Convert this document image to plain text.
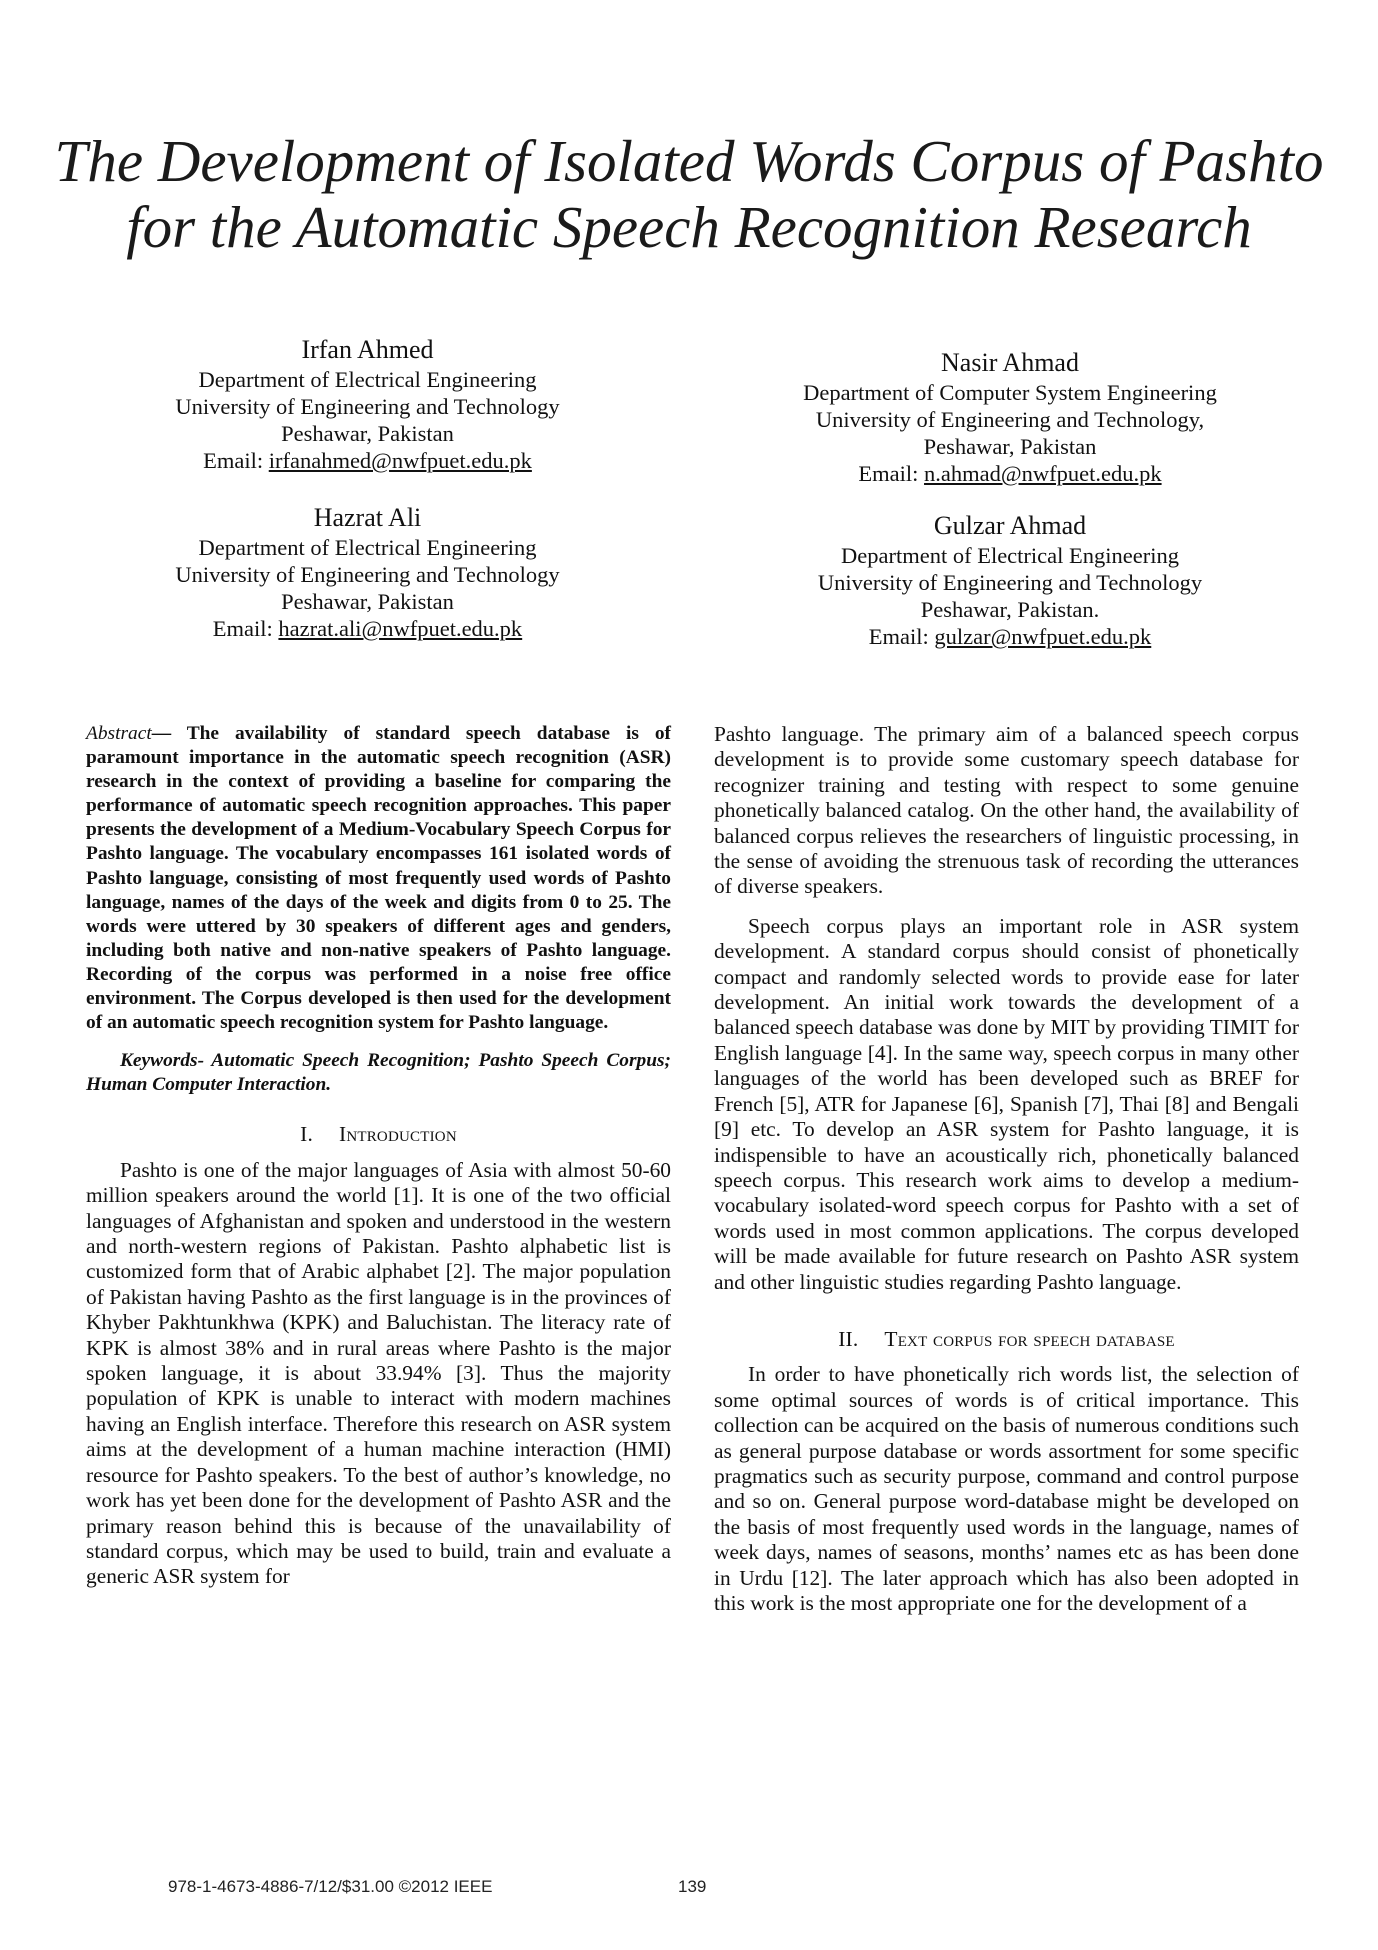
The Development of Isolated Words Corpus of Pashto
for the Automatic Speech Recognition Research
Irfan Ahmed
Department of Electrical Engineering
University of Engineering and Technology
Peshawar, Pakistan
Email: irfanahmed@nwfpuet.edu.pk
Nasir Ahmad
Department of Computer System Engineering
University of Engineering and Technology,
Peshawar, Pakistan
Email: n.ahmad@nwfpuet.edu.pk
Hazrat Ali
Department of Electrical Engineering
University of Engineering and Technology
Peshawar, Pakistan
Email: hazrat.ali@nwfpuet.edu.pk
Gulzar Ahmad
Department of Electrical Engineering
University of Engineering and Technology
Peshawar, Pakistan.
Email: gulzar@nwfpuet.edu.pk

Abstract— The availability of standard speech database is of paramount importance in the automatic speech recognition (ASR) research in the context of providing a baseline for comparing the performance of automatic speech recognition approaches. This paper presents the development of a Medium-Vocabulary Speech Corpus for Pashto language. The vocabulary encompasses 161 isolated words of Pashto language, consisting of most frequently used words of Pashto language, names of the days of the week and digits from 0 to 25. The words were uttered by 30 speakers of different ages and genders, including both native and non-native speakers of Pashto language. Recording of the corpus was performed in a noise free office environment. The Corpus developed is then used for the development of an automatic speech recognition system for Pashto language.

Keywords- Automatic Speech Recognition; Pashto Speech Corpus; Human Computer Interaction.

I. Introduction

Pashto is one of the major languages of Asia with almost 50-60 million speakers around the world [1]. It is one of the two official languages of Afghanistan and spoken and understood in the western and north-western regions of Pakistan. Pashto alphabetic list is customized form that of Arabic alphabet [2]. The major population of Pakistan having Pashto as the first language is in the provinces of Khyber Pakhtunkhwa (KPK) and Baluchistan. The literacy rate of KPK is almost 38% and in rural areas where Pashto is the major spoken language, it is about 33.94% [3]. Thus the majority population of KPK is unable to interact with modern machines having an English interface. Therefore this research on ASR system aims at the development of a human machine interaction (HMI) resource for Pashto speakers. To the best of author’s knowledge, no work has yet been done for the development of Pashto ASR and the primary reason behind this is because of the unavailability of standard corpus, which may be used to build, train and evaluate a generic ASR system for

Pashto language. The primary aim of a balanced speech corpus development is to provide some customary speech database for recognizer training and testing with respect to some genuine phonetically balanced catalog. On the other hand, the availability of balanced corpus relieves the researchers of linguistic processing, in the sense of avoiding the strenuous task of recording the utterances of diverse speakers.

Speech corpus plays an important role in ASR system development. A standard corpus should consist of phonetically compact and randomly selected words to provide ease for later development. An initial work towards the development of a balanced speech database was done by MIT by providing TIMIT for English language [4]. In the same way, speech corpus in many other languages of the world has been developed such as BREF for French [5], ATR for Japanese [6], Spanish [7], Thai [8] and Bengali [9] etc. To develop an ASR system for Pashto language, it is indispensible to have an acoustically rich, phonetically balanced speech corpus. This research work aims to develop a medium-vocabulary isolated-word speech corpus for Pashto with a set of words used in most common applications. The corpus developed will be made available for future research on Pashto ASR system and other linguistic studies regarding Pashto language.

II. Text corpus for speech database

In order to have phonetically rich words list, the selection of some optimal sources of words is of critical importance. This collection can be acquired on the basis of numerous conditions such as general purpose database or words assortment for some specific pragmatics such as security purpose, command and control purpose and so on. General purpose word-database might be developed on the basis of most frequently used words in the language, names of week days, names of seasons, months’ names etc as has been done in Urdu [12]. The later approach which has also been adopted in this work is the most appropriate one for the development of a

978-1-4673-4886-7/12/$31.00 ©2012 IEEE	139
